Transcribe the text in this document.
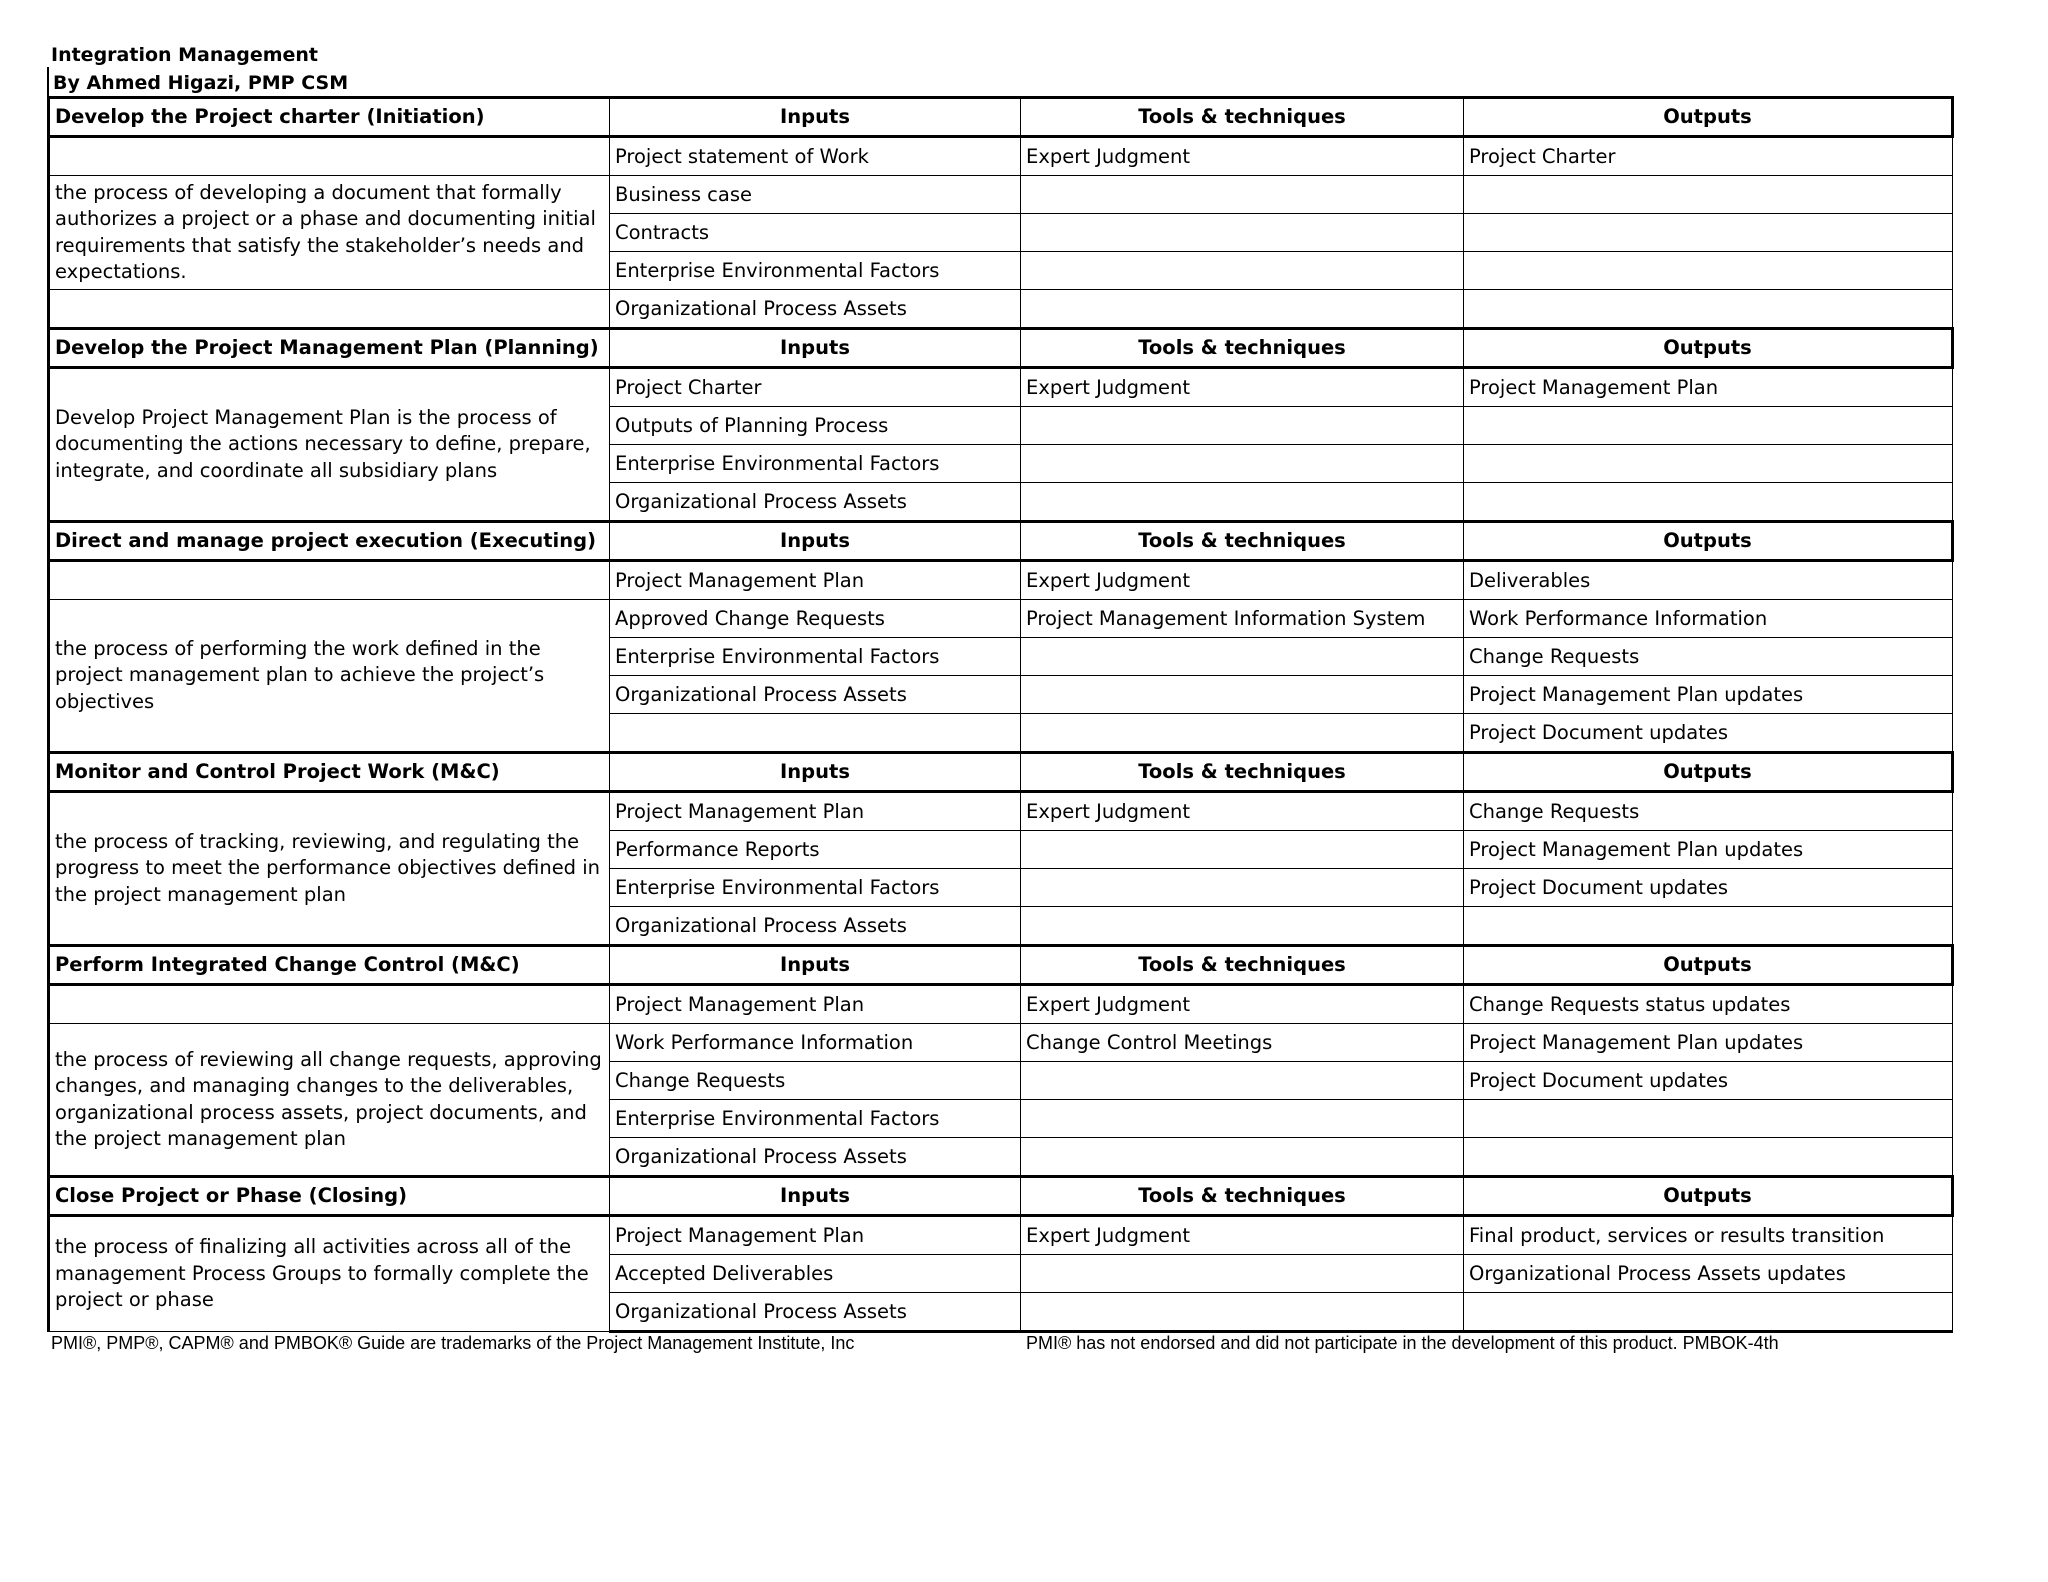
Integration Management
By Ahmed Higazi, PMP CSM
Develop the Project charter (Initiation)	Inputs	Tools & techniques	Outputs
	Project statement of Work	Expert Judgment	Project Charter
the process of developing a document that formally authorizes a project or a phase and documenting initial requirements that satisfy the stakeholder’s needs and expectations.	Business case		
	Contracts		
	Enterprise Environmental Factors		
	Organizational Process Assets		
Develop the Project Management Plan (Planning)	Inputs	Tools & techniques	Outputs
Develop Project Management Plan is the process of documenting the actions necessary to define, prepare, integrate, and coordinate all subsidiary plans	Project Charter	Expert Judgment	Project Management Plan
	Outputs of Planning Process		
	Enterprise Environmental Factors		
	Organizational Process Assets		
Direct and manage project execution (Executing)	Inputs	Tools & techniques	Outputs
	Project Management Plan	Expert Judgment	Deliverables
the process of performing the work defined in the project management plan to achieve the project’s objectives	Approved Change Requests	Project Management Information System	Work Performance Information
	Enterprise Environmental Factors		Change Requests
	Organizational Process Assets		Project Management Plan updates
			Project Document updates
Monitor and Control Project Work (M&C)	Inputs	Tools & techniques	Outputs
the process of tracking, reviewing, and regulating the progress to meet the performance objectives defined in the project management plan	Project Management Plan	Expert Judgment	Change Requests
	Performance Reports		Project Management Plan updates
	Enterprise Environmental Factors		Project Document updates
	Organizational Process Assets		
Perform Integrated Change Control (M&C)	Inputs	Tools & techniques	Outputs
	Project Management Plan	Expert Judgment	Change Requests status updates
the process of reviewing all change requests, approving changes, and managing changes to the deliverables, organizational process assets, project documents, and the project management plan	Work Performance Information	Change Control Meetings	Project Management Plan updates
	Change Requests		Project Document updates
	Enterprise Environmental Factors		
	Organizational Process Assets		
Close Project or Phase (Closing)	Inputs	Tools & techniques	Outputs
the process of finalizing all activities across all of the management Process Groups to formally complete the project or phase	Project Management Plan	Expert Judgment	Final product, services or results transition
	Accepted Deliverables		Organizational Process Assets updates
	Organizational Process Assets		
PMI®, PMP®, CAPM® and PMBOK® Guide are trademarks of the Project Management Institute, Inc	PMI® has not endorsed and did not participate in the development of this product. PMBOK-4th
